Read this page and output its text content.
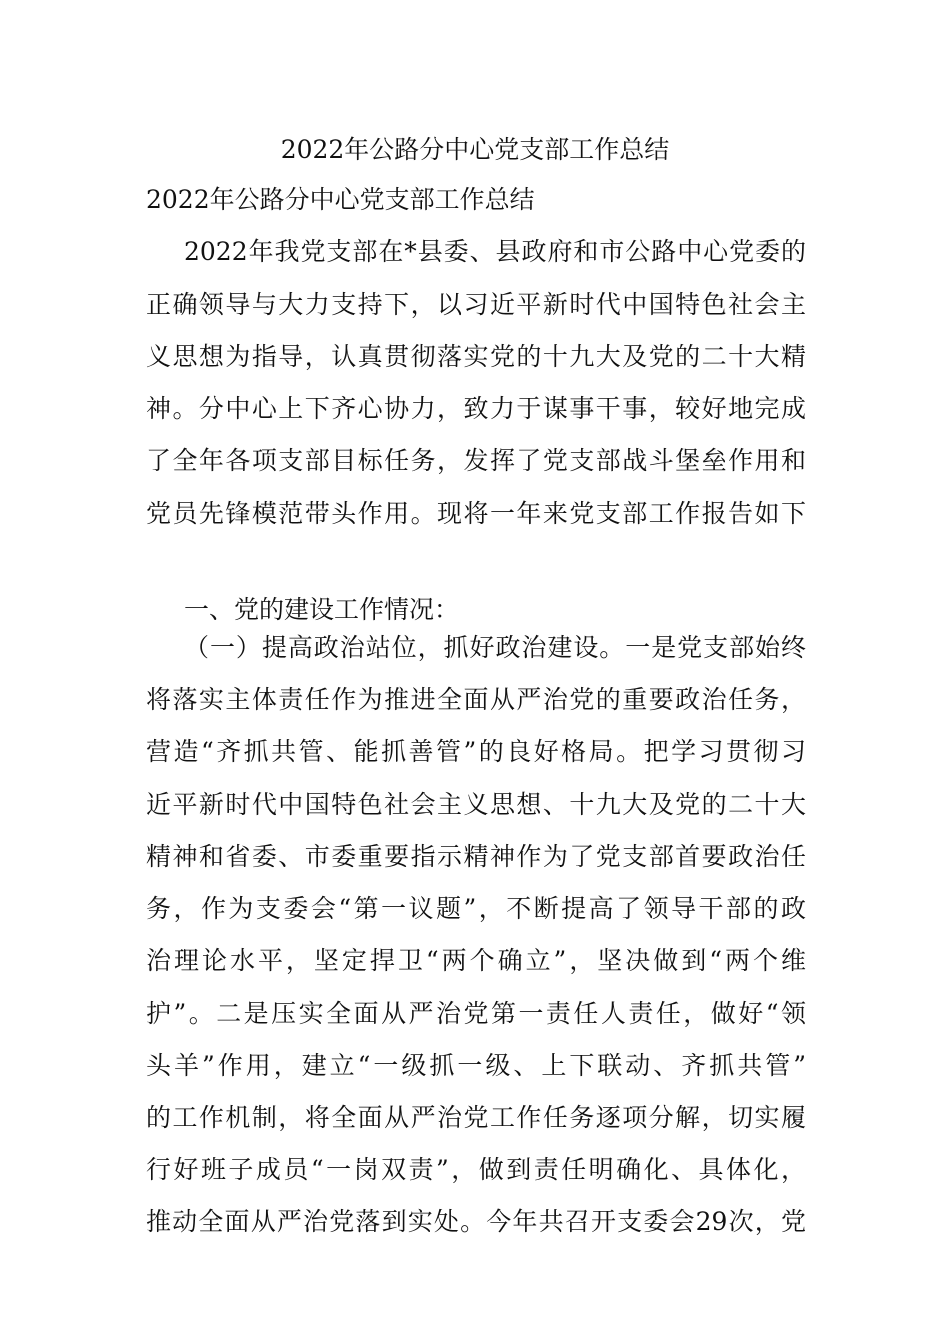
2022年公路分中心党支部工作总结
2022年公路分中心党支部工作总结
2022年我党支部在*县委、县政府和市公路中心党委的
正确领导与大力支持下，以习近平新时代中国特色社会主
义思想为指导，认真贯彻落实党的十九大及党的二十大精
神。分中心上下齐心协力，致力于谋事干事，较好地完成
了全年各项支部目标任务，发挥了党支部战斗堡垒作用和
党员先锋模范带头作用。现将一年来党支部工作报告如下
一、党的建设工作情况：
（一）提高政治站位，抓好政治建设。一是党支部始终
将落实主体责任作为推进全面从严治党的重要政治任务，
营造“齐抓共管、能抓善管”的良好格局。把学习贯彻习
近平新时代中国特色社会主义思想、十九大及党的二十大
精神和省委、市委重要指示精神作为了党支部首要政治任
务，作为支委会“第一议题”，不断提高了领导干部的政
治理论水平，坚定捍卫“两个确立”，坚决做到“两个维
护”。二是压实全面从严治党第一责任人责任，做好“领
头羊”作用，建立“一级抓一级、上下联动、齐抓共管”
的工作机制，将全面从严治党工作任务逐项分解，切实履
行好班子成员“一岗双责”，做到责任明确化、具体化，
推动全面从严治党落到实处。今年共召开支委会29次，党
